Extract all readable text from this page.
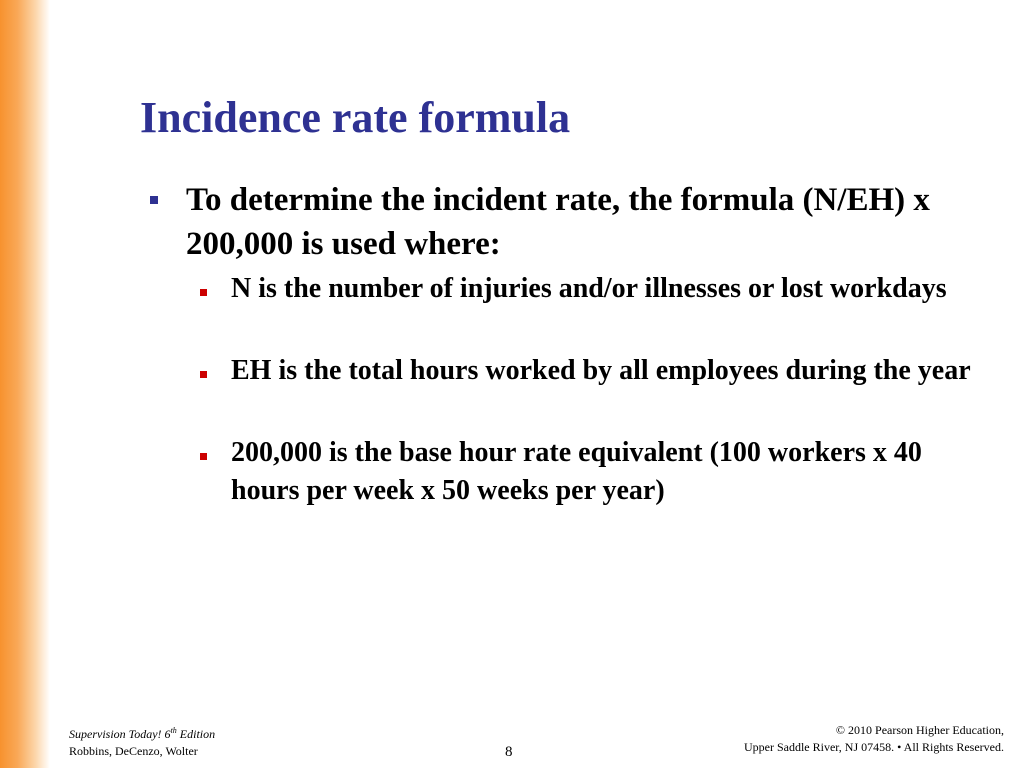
Incidence rate formula
To determine the incident rate, the formula (N/EH) x 200,000 is used where:
N is the number of injuries and/or illnesses or lost workdays
EH is the total hours worked by all employees during the year
200,000 is the base hour rate equivalent (100 workers x 40 hours per week x 50 weeks per year)
Supervision Today! 6th Edition
Robbins, DeCenzo, Wolter	8
© 2010 Pearson Higher Education,
Upper Saddle River, NJ 07458. • All Rights Reserved.
